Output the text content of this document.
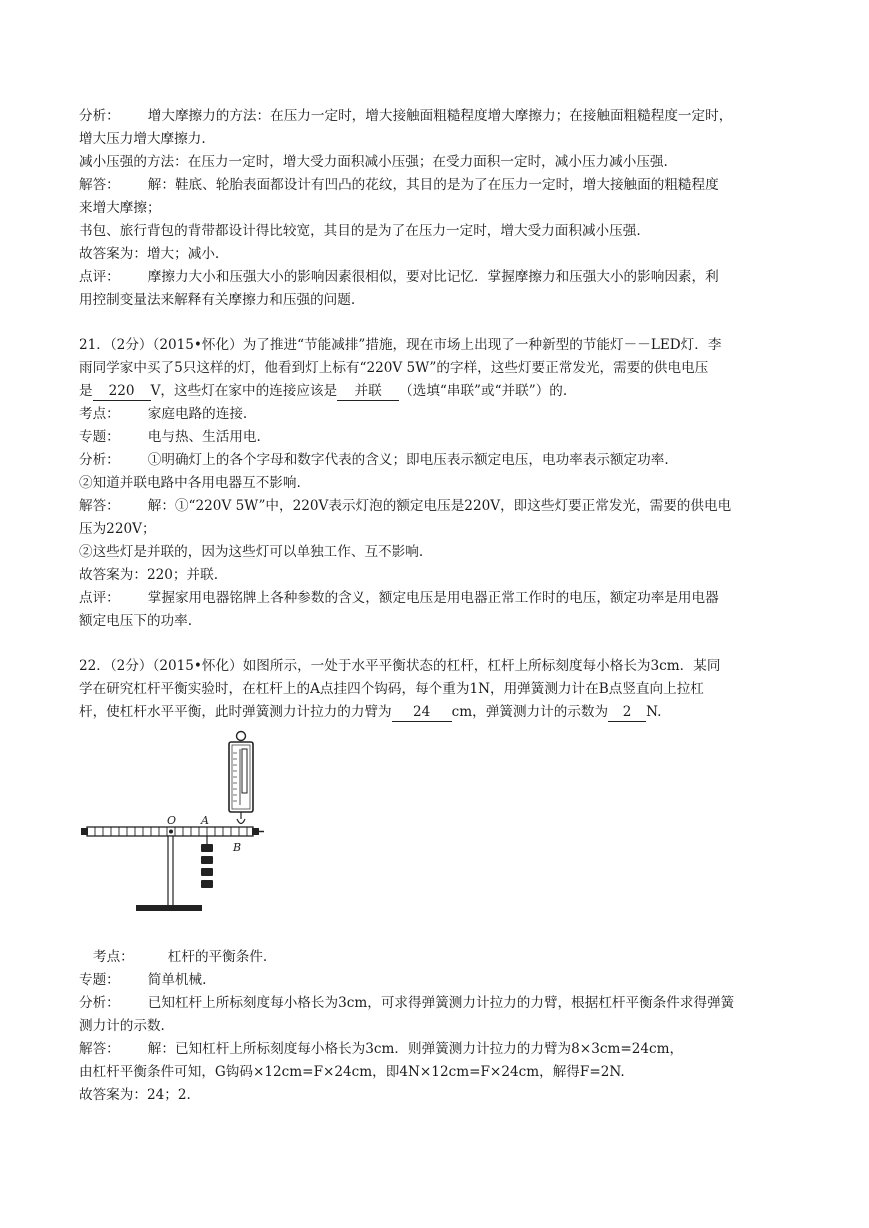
分析： 增大摩擦力的方法：在压力一定时，增大接触面粗糙程度增大摩擦力；在接触面粗糙程度一定时，
增大压力增大摩擦力.
减小压强的方法：在压力一定时，增大受力面积减小压强；在受力面积一定时，减小压力减小压强.
解答： 解：鞋底、轮胎表面都设计有凹凸的花纹，其目的是为了在压力一定时，增大接触面的粗糙程度
来增大摩擦；
书包、旅行背包的背带都设计得比较宽，其目的是为了在压力一定时，增大受力面积减小压强.
故答案为：增大；减小.
点评： 摩擦力大小和压强大小的影响因素很相似，要对比记忆．掌握摩擦力和压强大小的影响因素，利
用控制变量法来解释有关摩擦力和压强的问题.
21．（2分）（2015•怀化）为了推进“节能减排”措施，现在市场上出现了一种新型的节能灯－－LED灯．李
雨同学家中买了5只这样的灯，他看到灯上标有“220V 5W”的字样，这些灯要正常发光，需要的供电电压
是 220 V，这些灯在家中的连接应该是 并联 （选填“串联”或“并联”）的.
考点： 家庭电路的连接.
专题： 电与热、生活用电.
分析： ①明确灯上的各个字母和数字代表的含义；即电压表示额定电压，电功率表示额定功率.
②知道并联电路中各用电器互不影响.
解答： 解：①“220V 5W”中，220V表示灯泡的额定电压是220V，即这些灯要正常发光，需要的供电电
压为220V；
②这些灯是并联的，因为这些灯可以单独工作、互不影响.
故答案为：220；并联.
点评： 掌握家用电器铭牌上各种参数的含义，额定电压是用电器正常工作时的电压，额定功率是用电器
额定电压下的功率.
22．（2分）（2015•怀化）如图所示，一处于水平平衡状态的杠杆，杠杆上所标刻度每小格长为3cm．某同
学在研究杠杆平衡实验时，在杠杆上的A点挂四个钩码，每个重为1N，用弹簧测力计在B点竖直向上拉杠
杆，使杠杆水平平衡，此时弹簧测力计拉力的力臂为 24 cm，弹簧测力计的示数为 2 N.
O A
B
考点：	杠杆的平衡条件.
专题： 简单机械.
分析： 已知杠杆上所标刻度每小格长为3cm，可求得弹簧测力计拉力的力臂，根据杠杆平衡条件求得弹簧
测力计的示数.
解答： 解：已知杠杆上所标刻度每小格长为3cm．则弹簧测力计拉力的力臂为8×3cm=24cm，
由杠杆平衡条件可知，G钩码×12cm=F×24cm，即4N×12cm=F×24cm，解得F=2N.
故答案为：24；2.
